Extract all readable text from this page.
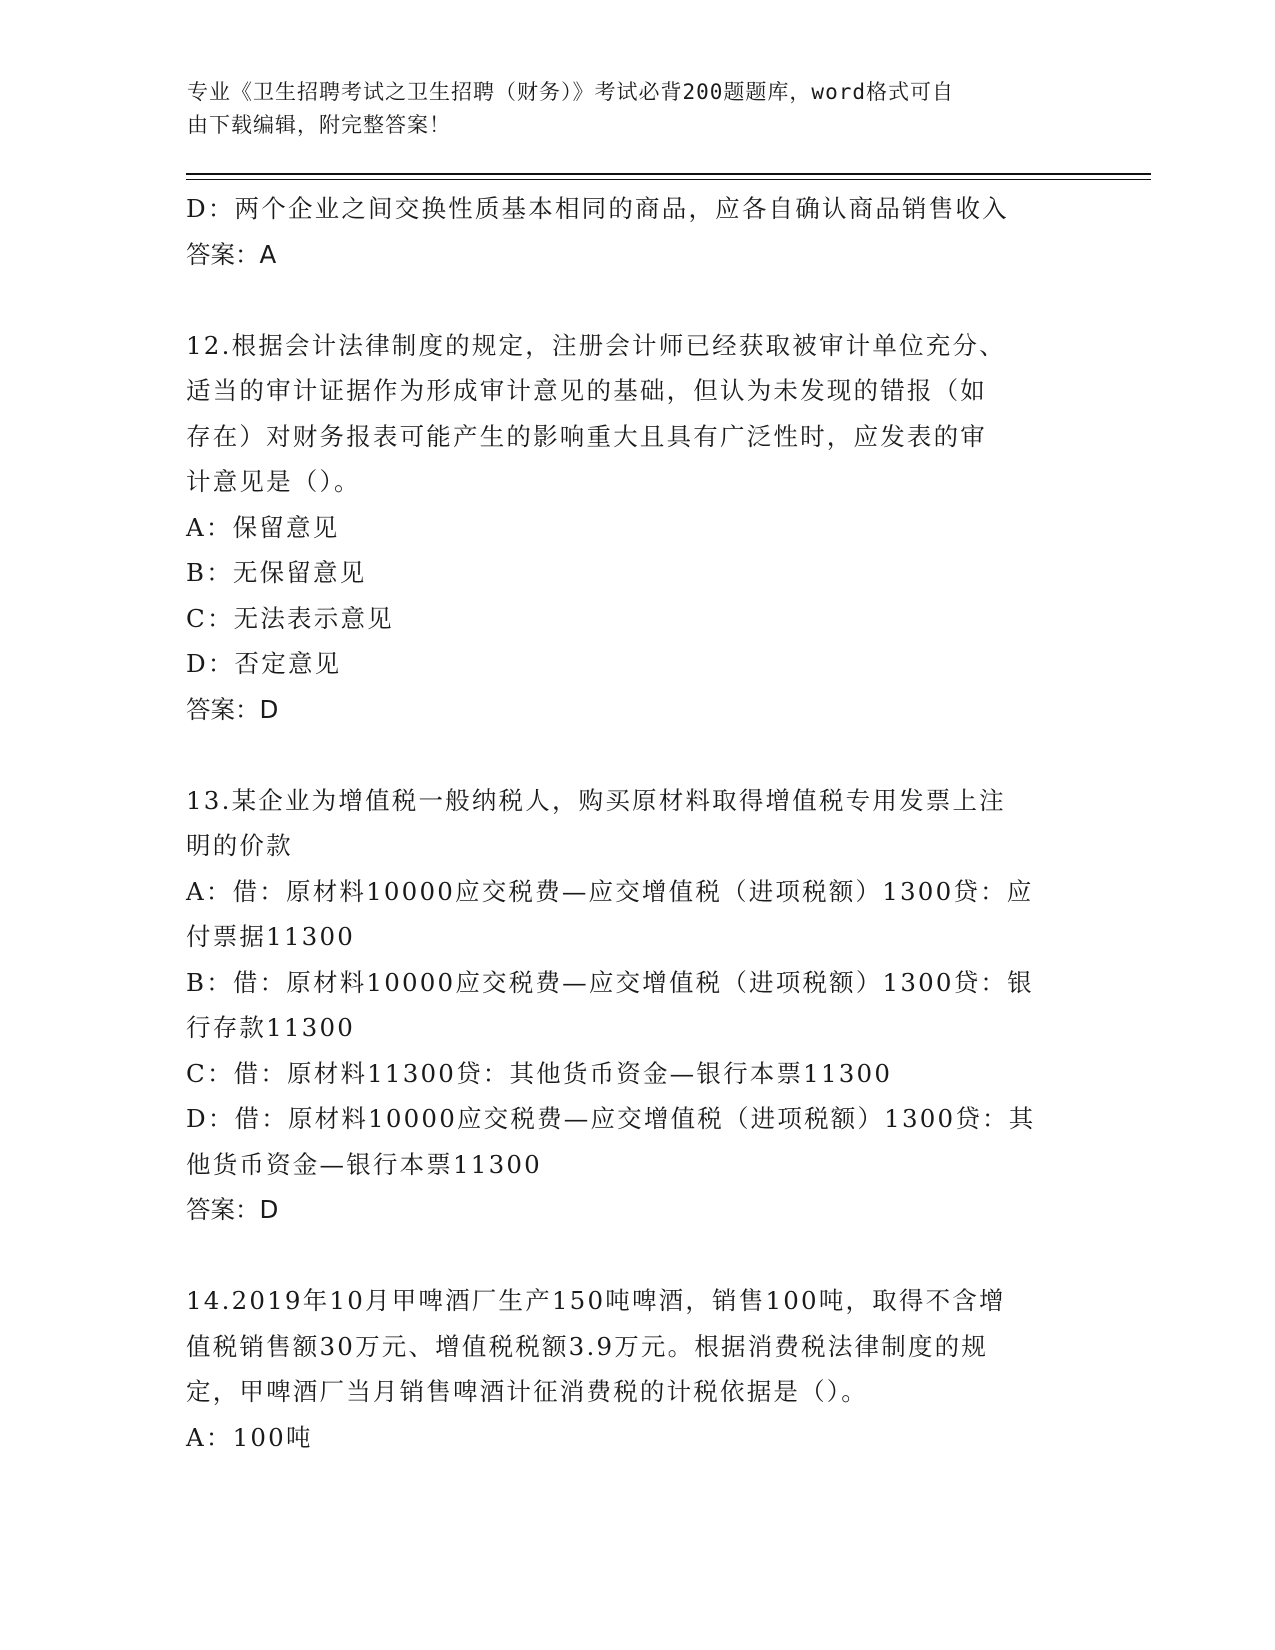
专业《卫生招聘考试之卫生招聘（财务）》考试必背200题题库，word格式可自
由下载编辑，附完整答案！
D：两个企业之间交换性质基本相同的商品，应各自确认商品销售收入
答案：A
12.根据会计法律制度的规定，注册会计师已经获取被审计单位充分、
适当的审计证据作为形成审计意见的基础，但认为未发现的错报（如
存在）对财务报表可能产生的影响重大且具有广泛性时，应发表的审
计意见是（）。
A：保留意见
B：无保留意见
C：无法表示意见
D：否定意见
答案：D
13.某企业为增值税一般纳税人，购买原材料取得增值税专用发票上注
明的价款
A：借：原材料10000应交税费—应交增值税（进项税额）1300贷：应
付票据11300
B：借：原材料10000应交税费—应交增值税（进项税额）1300贷：银
行存款11300
C：借：原材料11300贷：其他货币资金—银行本票11300
D：借：原材料10000应交税费—应交增值税（进项税额）1300贷：其
他货币资金—银行本票11300
答案：D
14.2019年10月甲啤酒厂生产150吨啤酒，销售100吨，取得不含增
值税销售额30万元、增值税税额3.9万元。根据消费税法律制度的规
定，甲啤酒厂当月销售啤酒计征消费税的计税依据是（）。
A：100吨
